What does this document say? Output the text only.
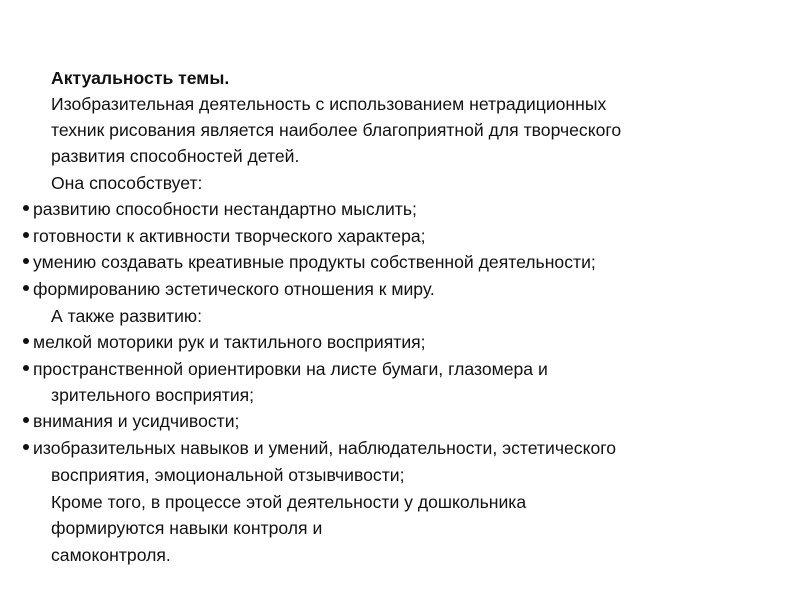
Актуальность темы.
Изобразительная деятельность с использованием нетрадиционных
техник рисования является наиболее благоприятной для творческого
развития способностей детей.
Она способствует:
развитию способности нестандартно мыслить;
готовности к активности творческого характера;
умению создавать креативные продукты собственной деятельности;
формированию эстетического отношения к миру.
А также развитию:
мелкой моторики рук и тактильного восприятия;
пространственной ориентировки на листе бумаги, глазомера и
зрительного восприятия;
внимания и усидчивости;
изобразительных навыков и умений, наблюдательности, эстетического
восприятия, эмоциональной отзывчивости;
Кроме того, в процессе этой деятельности у дошкольника
формируются навыки контроля и
самоконтроля.
